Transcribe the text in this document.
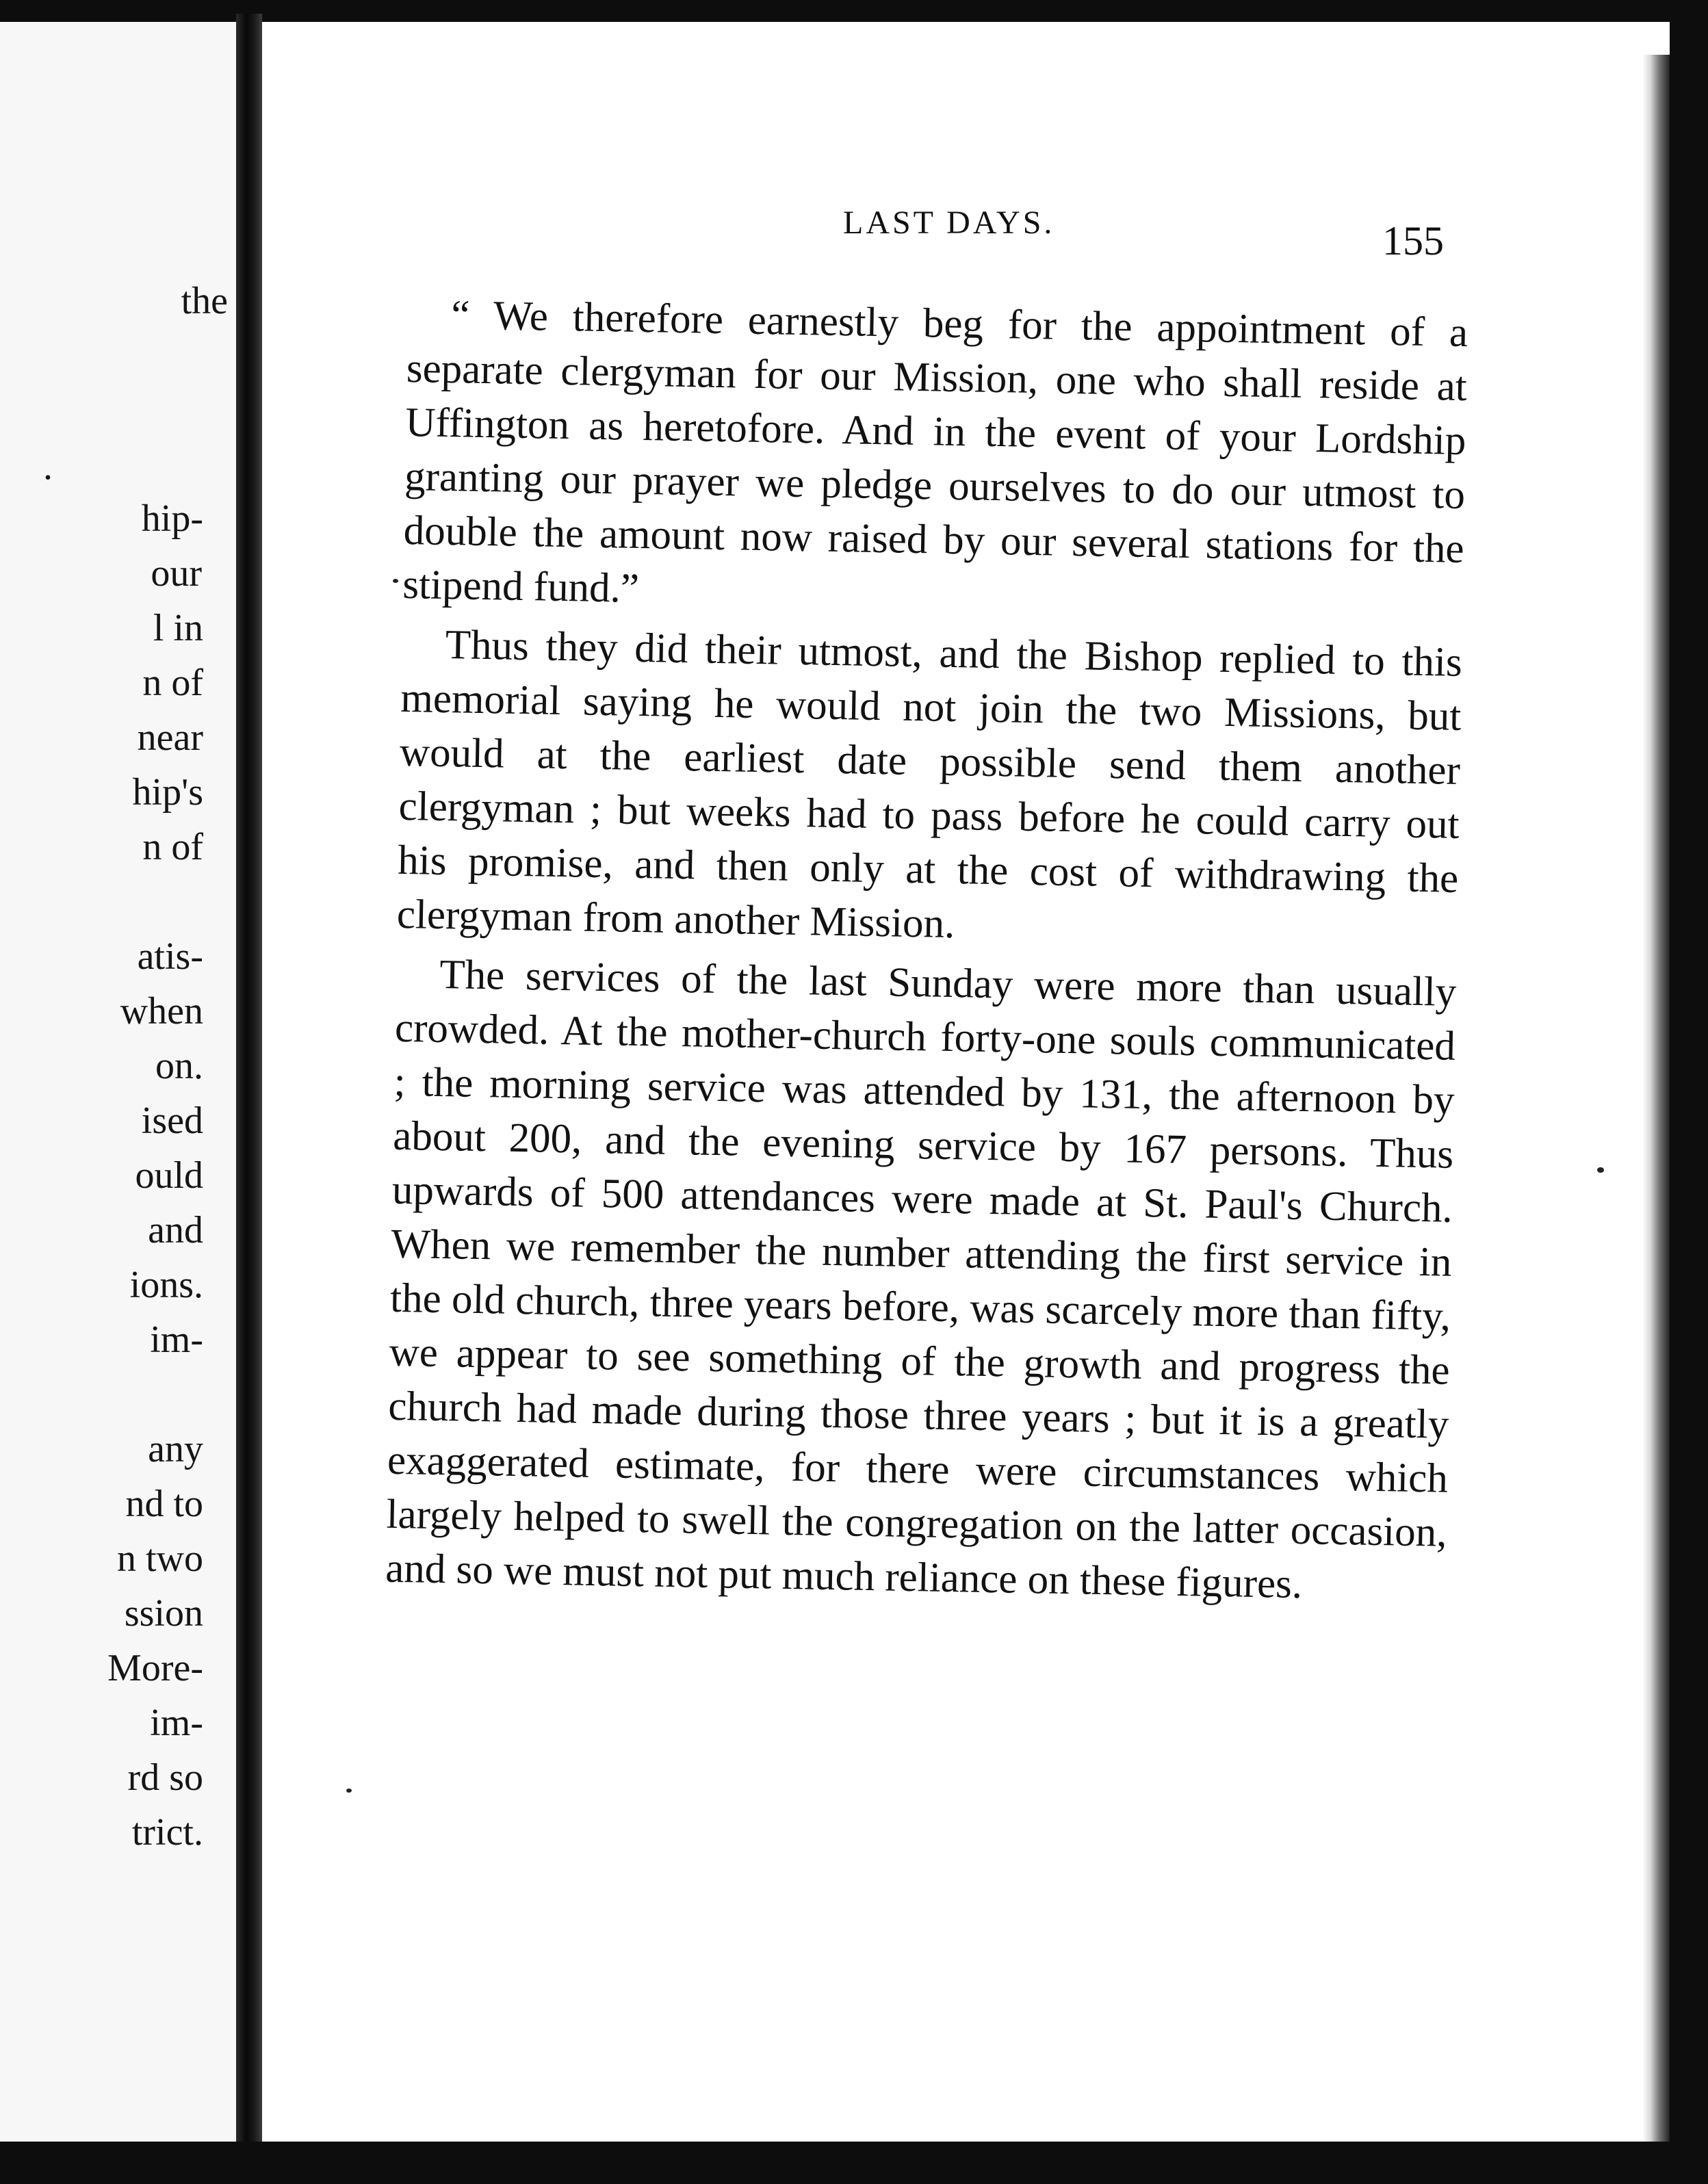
the
.
hip-
our
l in
n of
near
hip's
n of
atis-
when
on.
ised
ould
and
ions.
im-
any
nd to
n two
ssion
More-
im-
rd so
trict.
LAST DAYS.	155

“ We therefore earnestly beg for the appointment of a separate clergyman for our Mission, one who shall reside at Uffington as heretofore. And in the event of your Lordship granting our prayer we pledge ourselves to do our utmost to double the amount now raised by our several stations for the stipend fund.”

Thus they did their utmost, and the Bishop replied to this memorial saying he would not join the two Missions, but would at the earliest date possible send them another clergyman ; but weeks had to pass before he could carry out his promise, and then only at the cost of withdrawing the clergyman from another Mission.

The services of the last Sunday were more than usually crowded. At the mother-church forty-one souls communicated ; the morning service was attended by 131, the afternoon by about 200, and the evening service by 167 persons. Thus upwards of 500 attendances were made at St. Paul's Church. When we remember the number attending the first service in the old church, three years before, was scarcely more than fifty, we appear to see something of the growth and progress the church had made during those three years ; but it is a greatly exaggerated estimate, for there were circumstances which largely helped to swell the congregation on the latter occasion, and so we must not put much reliance on these figures.
